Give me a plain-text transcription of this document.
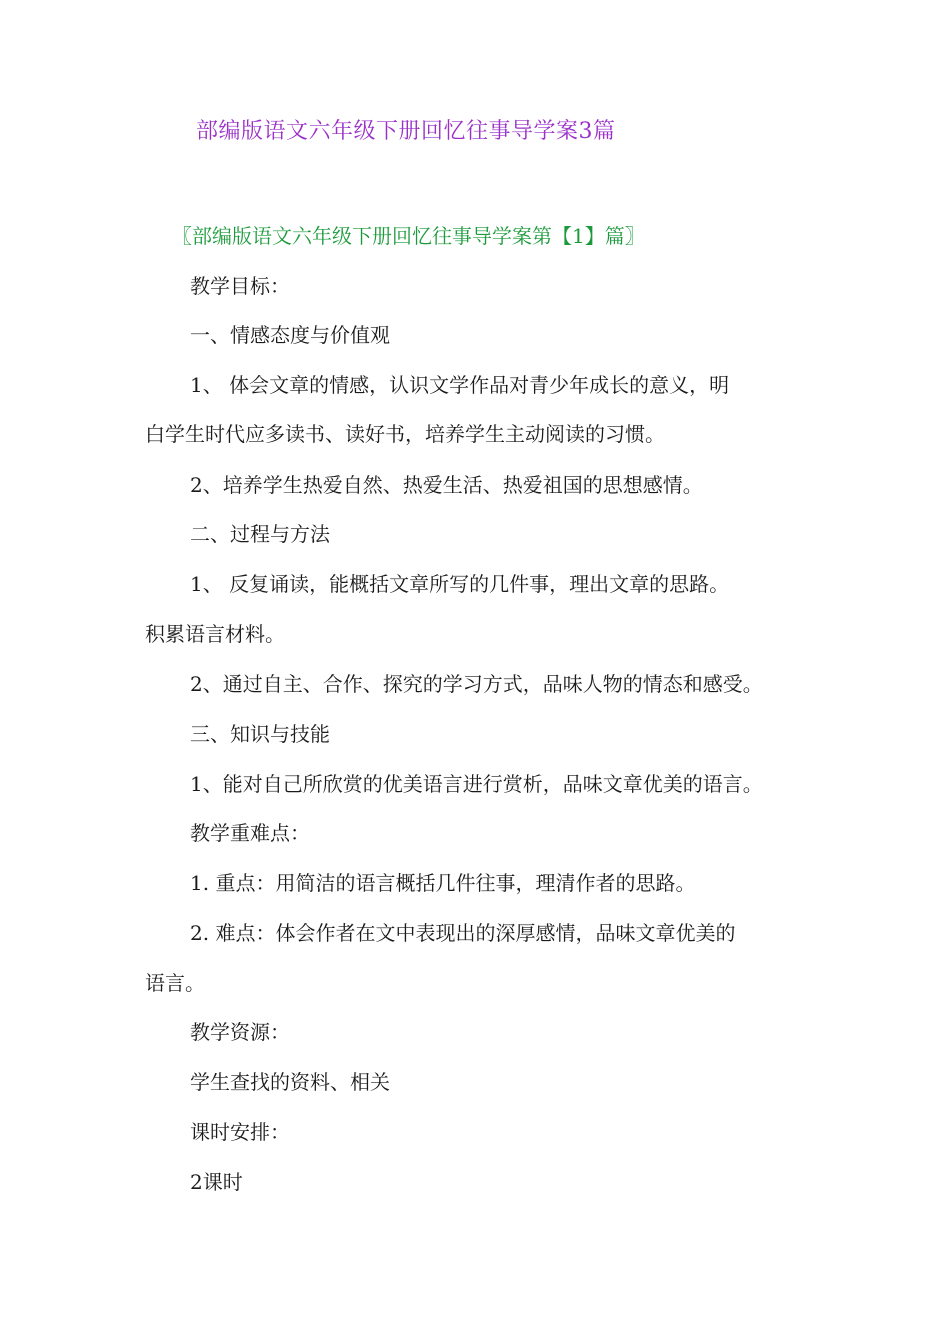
部编版语文六年级下册回忆往事导学案3篇
〖部编版语文六年级下册回忆往事导学案第【1】篇〗
教学目标：
一、情感态度与价值观
1、 体会文章的情感，认识文学作品对青少年成长的意义，明
白学生时代应多读书、读好书，培养学生主动阅读的习惯。
2、培养学生热爱自然、热爱生活、热爱祖国的思想感情。
二、过程与方法
1、 反复诵读，能概括文章所写的几件事，理出文章的思路。
积累语言材料。
2、通过自主、合作、探究的学习方式，品味人物的情态和感受。
三、知识与技能
1、能对自己所欣赏的优美语言进行赏析，品味文章优美的语言。
教学重难点：
1. 重点：用简洁的语言概括几件往事，理清作者的思路。
2. 难点：体会作者在文中表现出的深厚感情，品味文章优美的
语言。
教学资源：
学生查找的资料、相关
课时安排：
2课时
